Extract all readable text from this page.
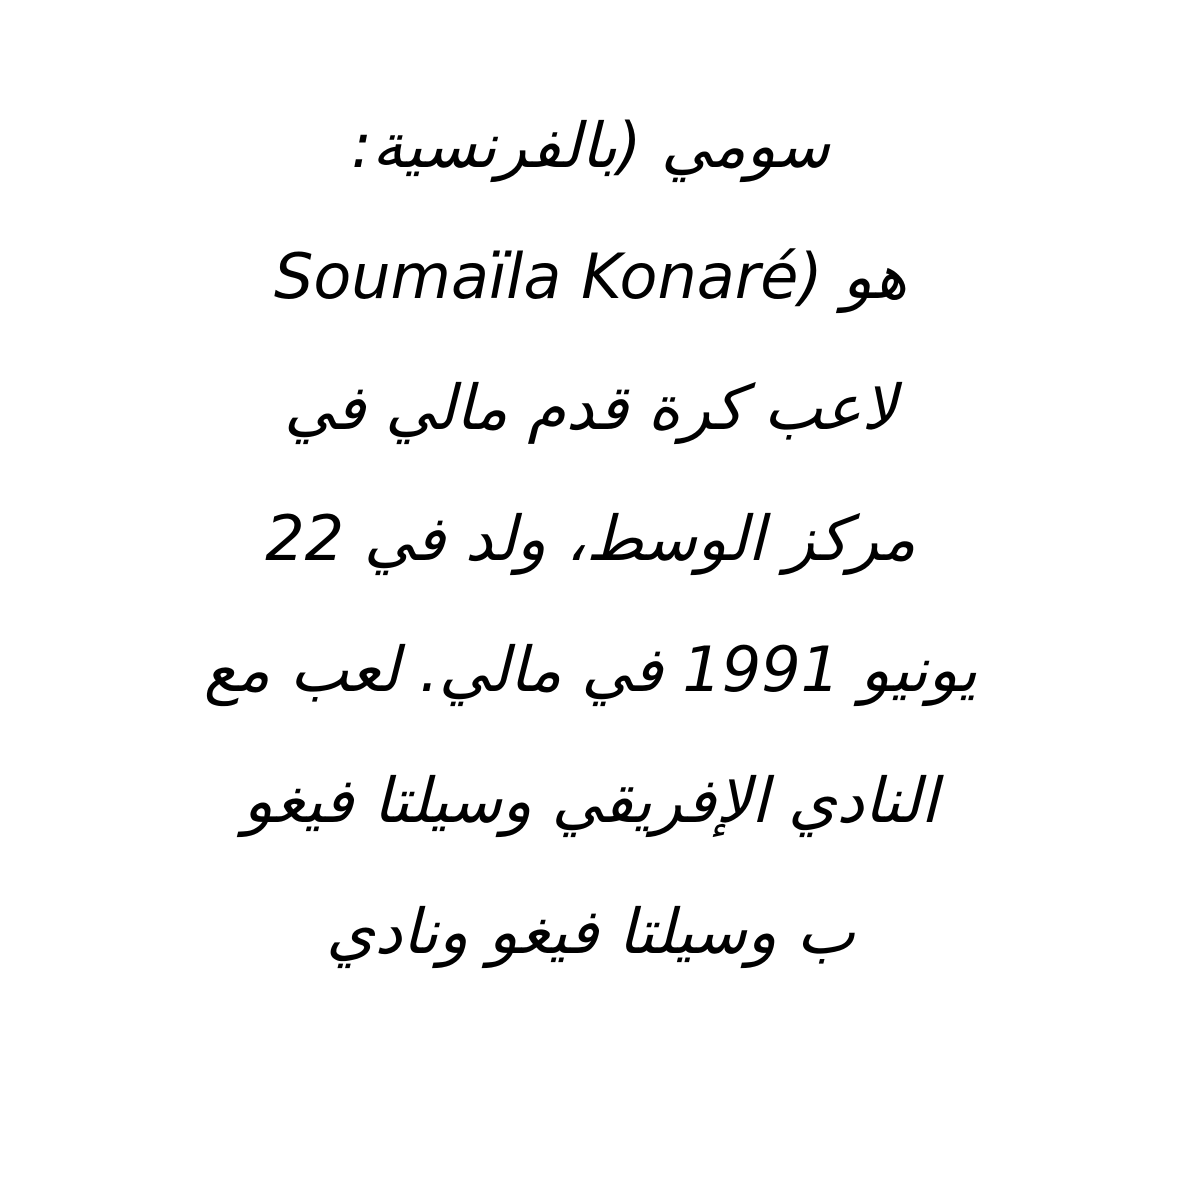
سومي (بالفرنسية:
هو (Soumaïla Konaré
لاعب كرة قدم مالي في
مركز الوسط، ولد في 22
يونيو 1991 في مالي. لعب مع
النادي الإفريقي وسيلتا فيغو
ب وسيلتا فيغو ونادي
